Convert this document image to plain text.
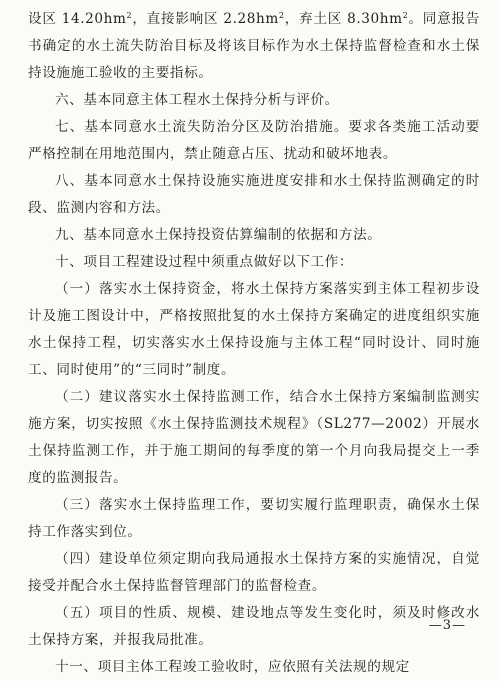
设区 $14.20hm^2$，直接影响区 $2.28hm^2$，弃土区 $8.30hm^2$。同意报告书确定的水土流失防治目标及将该目标作为水土保持监督检查和水土保持设施施工验收的主要指标。

六、基本同意主体工程水土保持分析与评价。

七、基本同意水土流失防治分区及防治措施。要求各类施工活动要严格控制在用地范围内，禁止随意占压、扰动和破坏地表。

八、基本同意水土保持设施实施进度安排和水土保持监测确定的时段、监测内容和方法。

九、基本同意水土保持投资估算编制的依据和方法。

十、项目工程建设过程中须重点做好以下工作：

（一）落实水土保持资金，将水土保持方案落实到主体工程初步设计及施工图设计中，严格按照批复的水土保持方案确定的进度组织实施水土保持工程，切实落实水土保持设施与主体工程“同时设计、同时施工、同时使用”的“三同时”制度。

（二）建议落实水土保持监测工作，结合水土保持方案编制监测实施方案，切实按照《水土保持监测技术规程》（SL277—2002）开展水土保持监测工作，并于施工期间的每季度的第一个月向我局提交上一季度的监测报告。

（三）落实水土保持监理工作，要切实履行监理职责，确保水土保持工作落实到位。

（四）建设单位须定期向我局通报水土保持方案的实施情况，自觉接受并配合水土保持监督管理部门的监督检查。

（五）项目的性质、规模、建设地点等发生变化时，须及时修改水土保持方案，并报我局批准。

十一、项目主体工程竣工验收时，应依照有关法规的规定

—3—
